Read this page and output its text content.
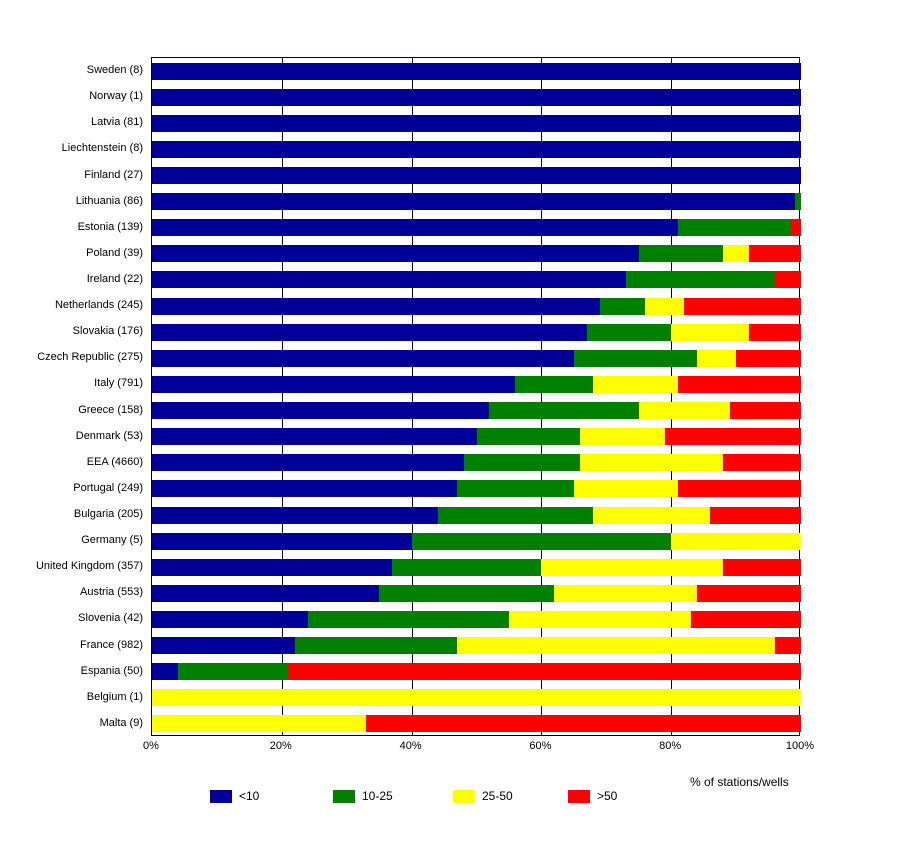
Sweden (8)
Norway (1)
Latvia (81)
Liechtenstein (8)
Finland (27)
Lithuania (86)
Estonia (139)
Poland (39)
Ireland (22)
Netherlands (245)
Slovakia (176)
Czech Republic (275)
Italy (791)
Greece (158)
Denmark (53)
EEA (4660)
Portugal (249)
Bulgaria (205)
Germany (5)
United Kingdom (357)
Austria (553)
Slovenia (42)
France (982)
Espania (50)
Belgium (1)
Malta (9)
0%	20%	40%	60%	80%	100%
% of stations/wells
<10	10-25	25-50	>50
